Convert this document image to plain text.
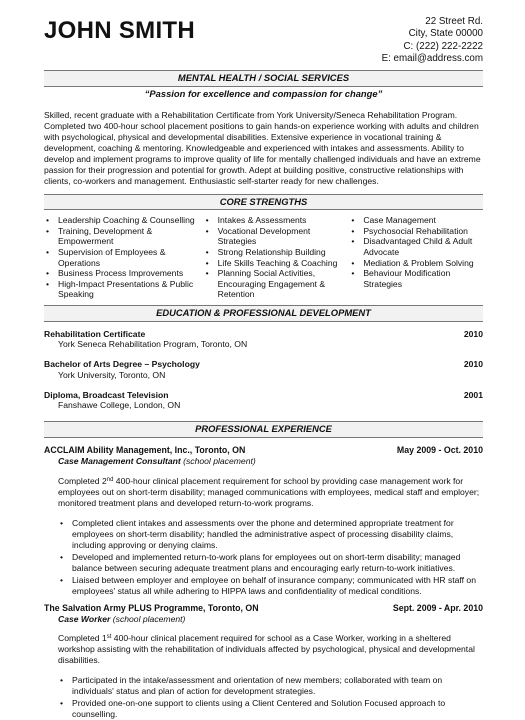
JOHN SMITH	22 Street Rd.
City, State 00000
C: (222) 222-2222
E: email@address.com
MENTAL HEALTH / SOCIAL SERVICES
“Passion for excellence and compassion for change”

Skilled, recent graduate with a Rehabilitation Certificate from York University/Seneca Rehabilitation Program. Completed two 400-hour school placement positions to gain hands-on experience working with adults and children with psychological, physical and developmental disabilities. Extensive experience in vocational training & development, coaching & mentoring. Knowledgeable and experienced with intakes and assessments. Ability to develop and implement programs to improve quality of life for mentally challenged individuals and have an extreme passion for their progression and potential for growth. Adept at building positive, constructive relationships with clients, co-workers and management. Enthusiastic self-starter ready for new challenges.

CORE STRENGTHS
• Leadership Coaching & Counselling
• Training, Development & Empowerment
• Supervision of Employees & Operations
• Business Process Improvements
• High-Impact Presentations & Public Speaking
• Intakes & Assessments
• Vocational Development Strategies
• Strong Relationship Building
• Life Skills Teaching & Coaching
• Planning Social Activities, Encouraging Engagement & Retention
• Case Management
• Psychosocial Rehabilitation
• Disadvantaged Child & Adult Advocate
• Mediation & Problem Solving
• Behaviour Modification Strategies
EDUCATION & PROFESSIONAL DEVELOPMENT
Rehabilitation Certificate	2010
York Seneca Rehabilitation Program, Toronto, ON
Bachelor of Arts Degree – Psychology	2010
York University, Toronto, ON
Diploma, Broadcast Television	2001
Fanshawe College, London, ON
PROFESSIONAL EXPERIENCE
ACCLAIM Ability Management, Inc., Toronto, ON	May 2009 - Oct. 2010
Case Management Consultant (school placement)

Completed 2nd 400-hour clinical placement requirement for school by providing case management work for employees out on short-term disability; managed communications with employees, medical staff and employer; monitored treatment plans and developed return-to-work programs.

• Completed client intakes and assessments over the phone and determined appropriate treatment for employees on short-term disability; handled the administrative aspect of processing disability claims, including approving or denying claims.
• Developed and implemented return-to-work plans for employees out on short-term disability; managed balance between securing adequate treatment plans and encouraging early return-to-work initiatives.
• Liaised between employer and employee on behalf of insurance company; communicated with HR staff on employees' status all while adhering to HIPPA laws and confidentiality of medical conditions.
The Salvation Army PLUS Programme, Toronto, ON	Sept. 2009 - Apr. 2010
Case Worker (school placement)

Completed 1st 400-hour clinical placement required for school as a Case Worker, working in a sheltered workshop assisting with the rehabilitation of individuals affected by psychological, physical and developmental disabilities.

• Participated in the intake/assessment and orientation of new members; collaborated with team on individuals' status and plan of action for development strategies.
• Provided one-on-one support to clients using a Client Centered and Solution Focused approach to counselling.
